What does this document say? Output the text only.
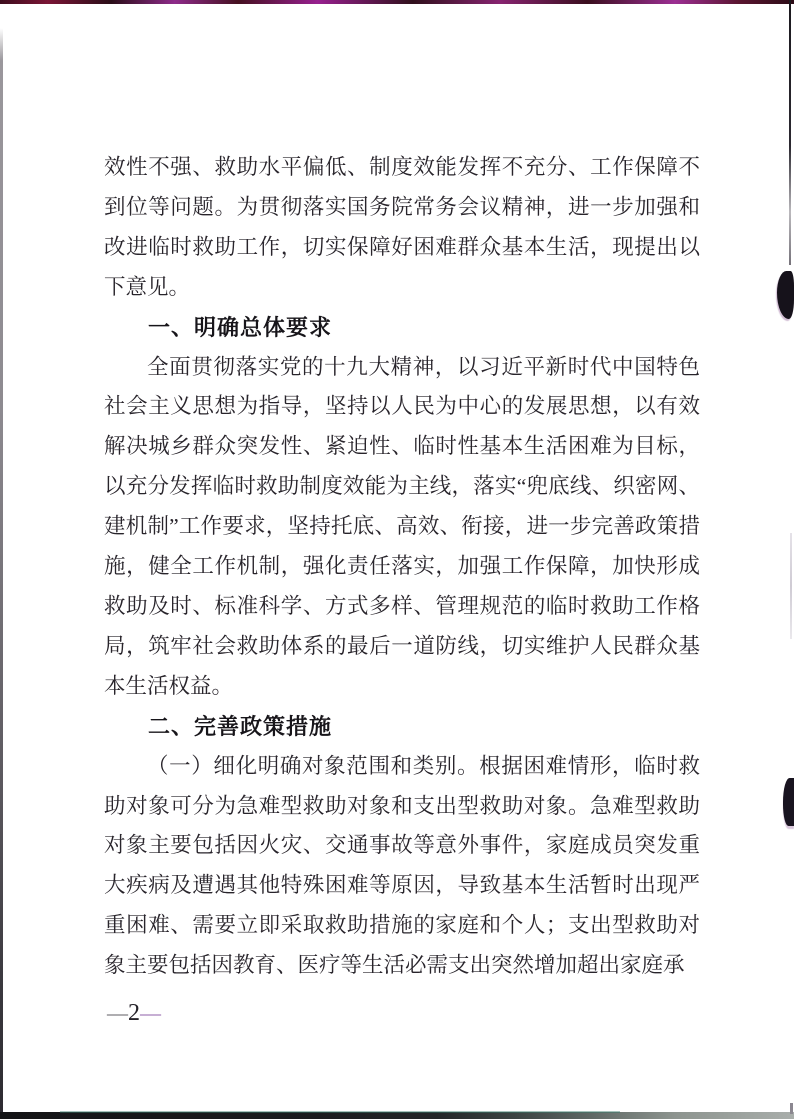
效性不强、救助水平偏低、制度效能发挥不充分、工作保障不到位等问题。为贯彻落实国务院常务会议精神，进一步加强和改进临时救助工作，切实保障好困难群众基本生活，现提出以下意见。

一、明确总体要求

全面贯彻落实党的十九大精神，以习近平新时代中国特色社会主义思想为指导，坚持以人民为中心的发展思想，以有效解决城乡群众突发性、紧迫性、临时性基本生活困难为目标，以充分发挥临时救助制度效能为主线，落实“兜底线、织密网、建机制”工作要求，坚持托底、高效、衔接，进一步完善政策措施，健全工作机制，强化责任落实，加强工作保障，加快形成救助及时、标准科学、方式多样、管理规范的临时救助工作格局，筑牢社会救助体系的最后一道防线，切实维护人民群众基本生活权益。

二、完善政策措施

（一）细化明确对象范围和类别。根据困难情形，临时救助对象可分为急难型救助对象和支出型救助对象。急难型救助对象主要包括因火灾、交通事故等意外事件，家庭成员突发重大疾病及遭遇其他特殊困难等原因，导致基本生活暂时出现严重困难、需要立即采取救助措施的家庭和个人；支出型救助对象主要包括因教育、医疗等生活必需支出突然增加超出家庭承

—2—
